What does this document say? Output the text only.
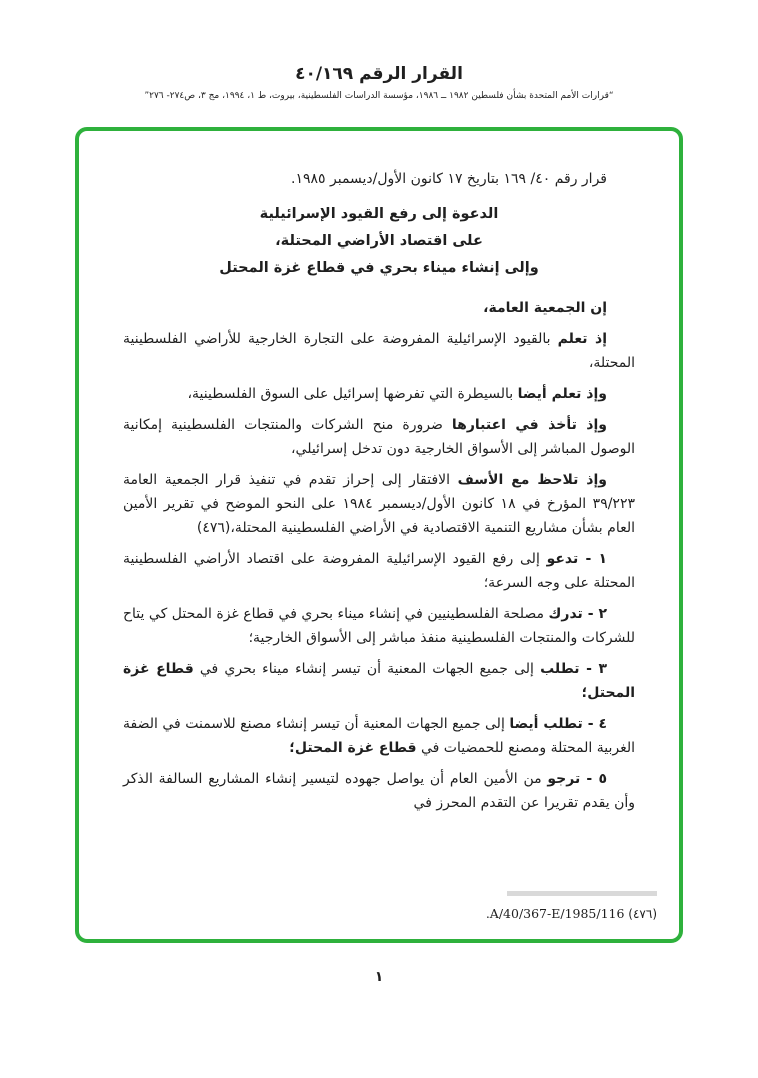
القرار الرقم ٤٠/١٦٩
“قرارات الأمم المتحدة بشأن فلسطين ١٩٨٢ ــ ١٩٨٦، مؤسسة الدراسات الفلسطينية، بيروت، ط ١، ١٩٩٤، مج ٣، ص٢٧٤- ٢٧٦”

قرار رقم ٤٠/ ١٦٩ بتاريخ ١٧ كانون الأول/ديسمبر ١٩٨٥.

الدعوة إلى رفع القيود الإسرائيلية
على اقتصاد الأراضي المحتلة،
وإلى إنشاء ميناء بحري في قطاع غزة المحتل

إن الجمعية العامة،

إذ تعلم بالقيود الإسرائيلية المفروضة على التجارة الخارجية للأراضي الفلسطينية المحتلة،

وإذ تعلم أيضا بالسيطرة التي تفرضها إسرائيل على السوق الفلسطينية،

وإذ تأخذ في اعتبارها ضرورة منح الشركات والمنتجات الفلسطينية إمكانية الوصول المباشر إلى الأسواق الخارجية دون تدخل إسرائيلي،

وإذ تلاحظ مع الأسف الافتقار إلى إحراز تقدم في تنفيذ قرار الجمعية العامة ٣٩/٢٢٣ المؤرخ في ١٨ كانون الأول/ديسمبر ١٩٨٤ على النحو الموضح في تقرير الأمين العام بشأن مشاريع التنمية الاقتصادية في الأراضي الفلسطينية المحتلة،(٤٧٦)

١ - تدعو إلى رفع القيود الإسرائيلية المفروضة على اقتصاد الأراضي الفلسطينية المحتلة على وجه السرعة؛

٢ - تدرك مصلحة الفلسطينيين في إنشاء ميناء بحري في قطاع غزة المحتل كي يتاح للشركات والمنتجات الفلسطينية منفذ مباشر إلى الأسواق الخارجية؛

٣ - تطلب إلى جميع الجهات المعنية أن تيسر إنشاء ميناء بحري في قطاع غزة المحتل؛

٤ - تطلب أيضا إلى جميع الجهات المعنية أن تيسر إنشاء مصنع للاسمنت في الضفة الغربية المحتلة ومصنع للحمضيات في قطاع غزة المحتل؛

٥ - ترجو من الأمين العام أن يواصل جهوده لتيسير إنشاء المشاريع السالفة الذكر وأن يقدم تقريرا عن التقدم المحرز في

(٤٧٦) A/40/367-E/1985/116.
١
